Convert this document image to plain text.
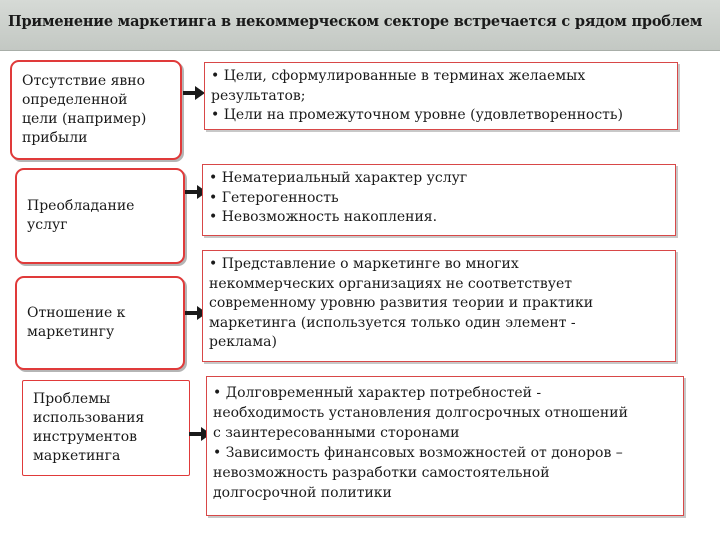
Применение маркетинга в некоммерческом секторе встречается с рядом проблем
Отсутствие явно
определенной
цели (например)
прибыли
• Цели, сформулированные в терминах желаемых
результатов;
• Цели на промежуточном уровне (удовлетворенность)
Преобладание
услуг
• Нематериальный характер услуг
• Гетерогенность
• Невозможность накопления.
Отношение к
маркетингу
• Представление о маркетинге во многих
некоммерческих организациях не соответствует
современному уровню развития теории и практики
маркетинга (используется только один элемент -
реклама)
Проблемы
использования
инструментов
маркетинга
• Долговременный характер потребностей -
необходимость установления долгосрочных отношений
с заинтересованными сторонами
• Зависимость финансовых возможностей от доноров –
невозможность разработки самостоятельной
долгосрочной политики
